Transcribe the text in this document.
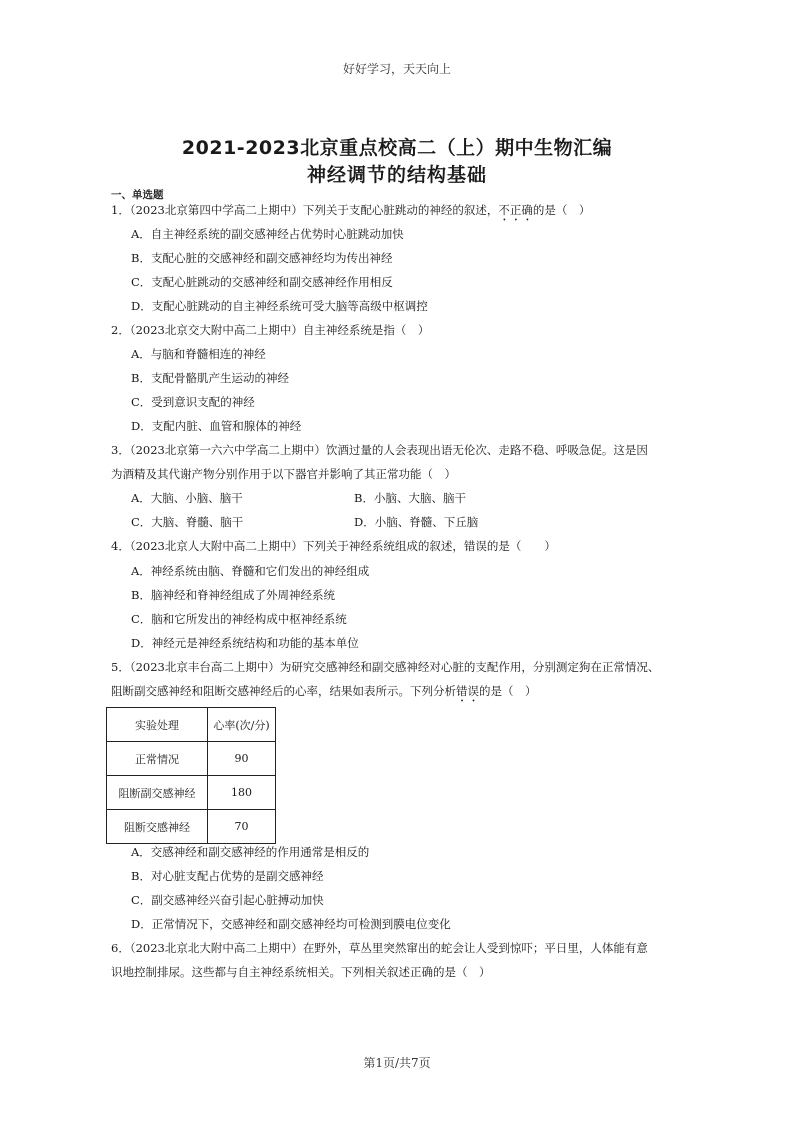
好好学习，天天向上
2021-2023北京重点校高二（上）期中生物汇编
神经调节的结构基础
一、单选题
1．（2023北京第四中学高二上期中）下列关于支配心脏跳动的神经的叙述，不正确的是（　）
A．自主神经系统的副交感神经占优势时心脏跳动加快
B．支配心脏的交感神经和副交感神经均为传出神经
C．支配心脏跳动的交感神经和副交感神经作用相反
D．支配心脏跳动的自主神经系统可受大脑等高级中枢调控
2．（2023北京交大附中高二上期中）自主神经系统是指（　）
A．与脑和脊髓相连的神经
B．支配骨骼肌产生运动的神经
C．受到意识支配的神经
D．支配内脏、血管和腺体的神经
3．（2023北京第一六六中学高二上期中）饮酒过量的人会表现出语无伦次、走路不稳、呼吸急促。这是因
为酒精及其代谢产物分别作用于以下器官并影响了其正常功能（　）
A．大脑、小脑、脑干	B．小脑、大脑、脑干
C．大脑、脊髓、脑干	D．小脑、脊髓、下丘脑
4．（2023北京人大附中高二上期中）下列关于神经系统组成的叙述，错误的是（　　）
A．神经系统由脑、脊髓和它们发出的神经组成
B．脑神经和脊神经组成了外周神经系统
C．脑和它所发出的神经构成中枢神经系统
D．神经元是神经系统结构和功能的基本单位
5．（2023北京丰台高二上期中）为研究交感神经和副交感神经对心脏的支配作用，分别测定狗在正常情况、
阻断副交感神经和阻断交感神经后的心率，结果如表所示。下列分析错误的是（　）
实验处理	心率(次/分)
正常情况	90
阻断副交感神经	180
阻断交感神经	70
A．交感神经和副交感神经的作用通常是相反的
B．对心脏支配占优势的是副交感神经
C．副交感神经兴奋引起心脏搏动加快
D．正常情况下，交感神经和副交感神经均可检测到膜电位变化
6．（2023北京北大附中高二上期中）在野外，草丛里突然窜出的蛇会让人受到惊吓；平日里，人体能有意
识地控制排尿。这些都与自主神经系统相关。下列相关叙述正确的是（　）
第1页/共7页
